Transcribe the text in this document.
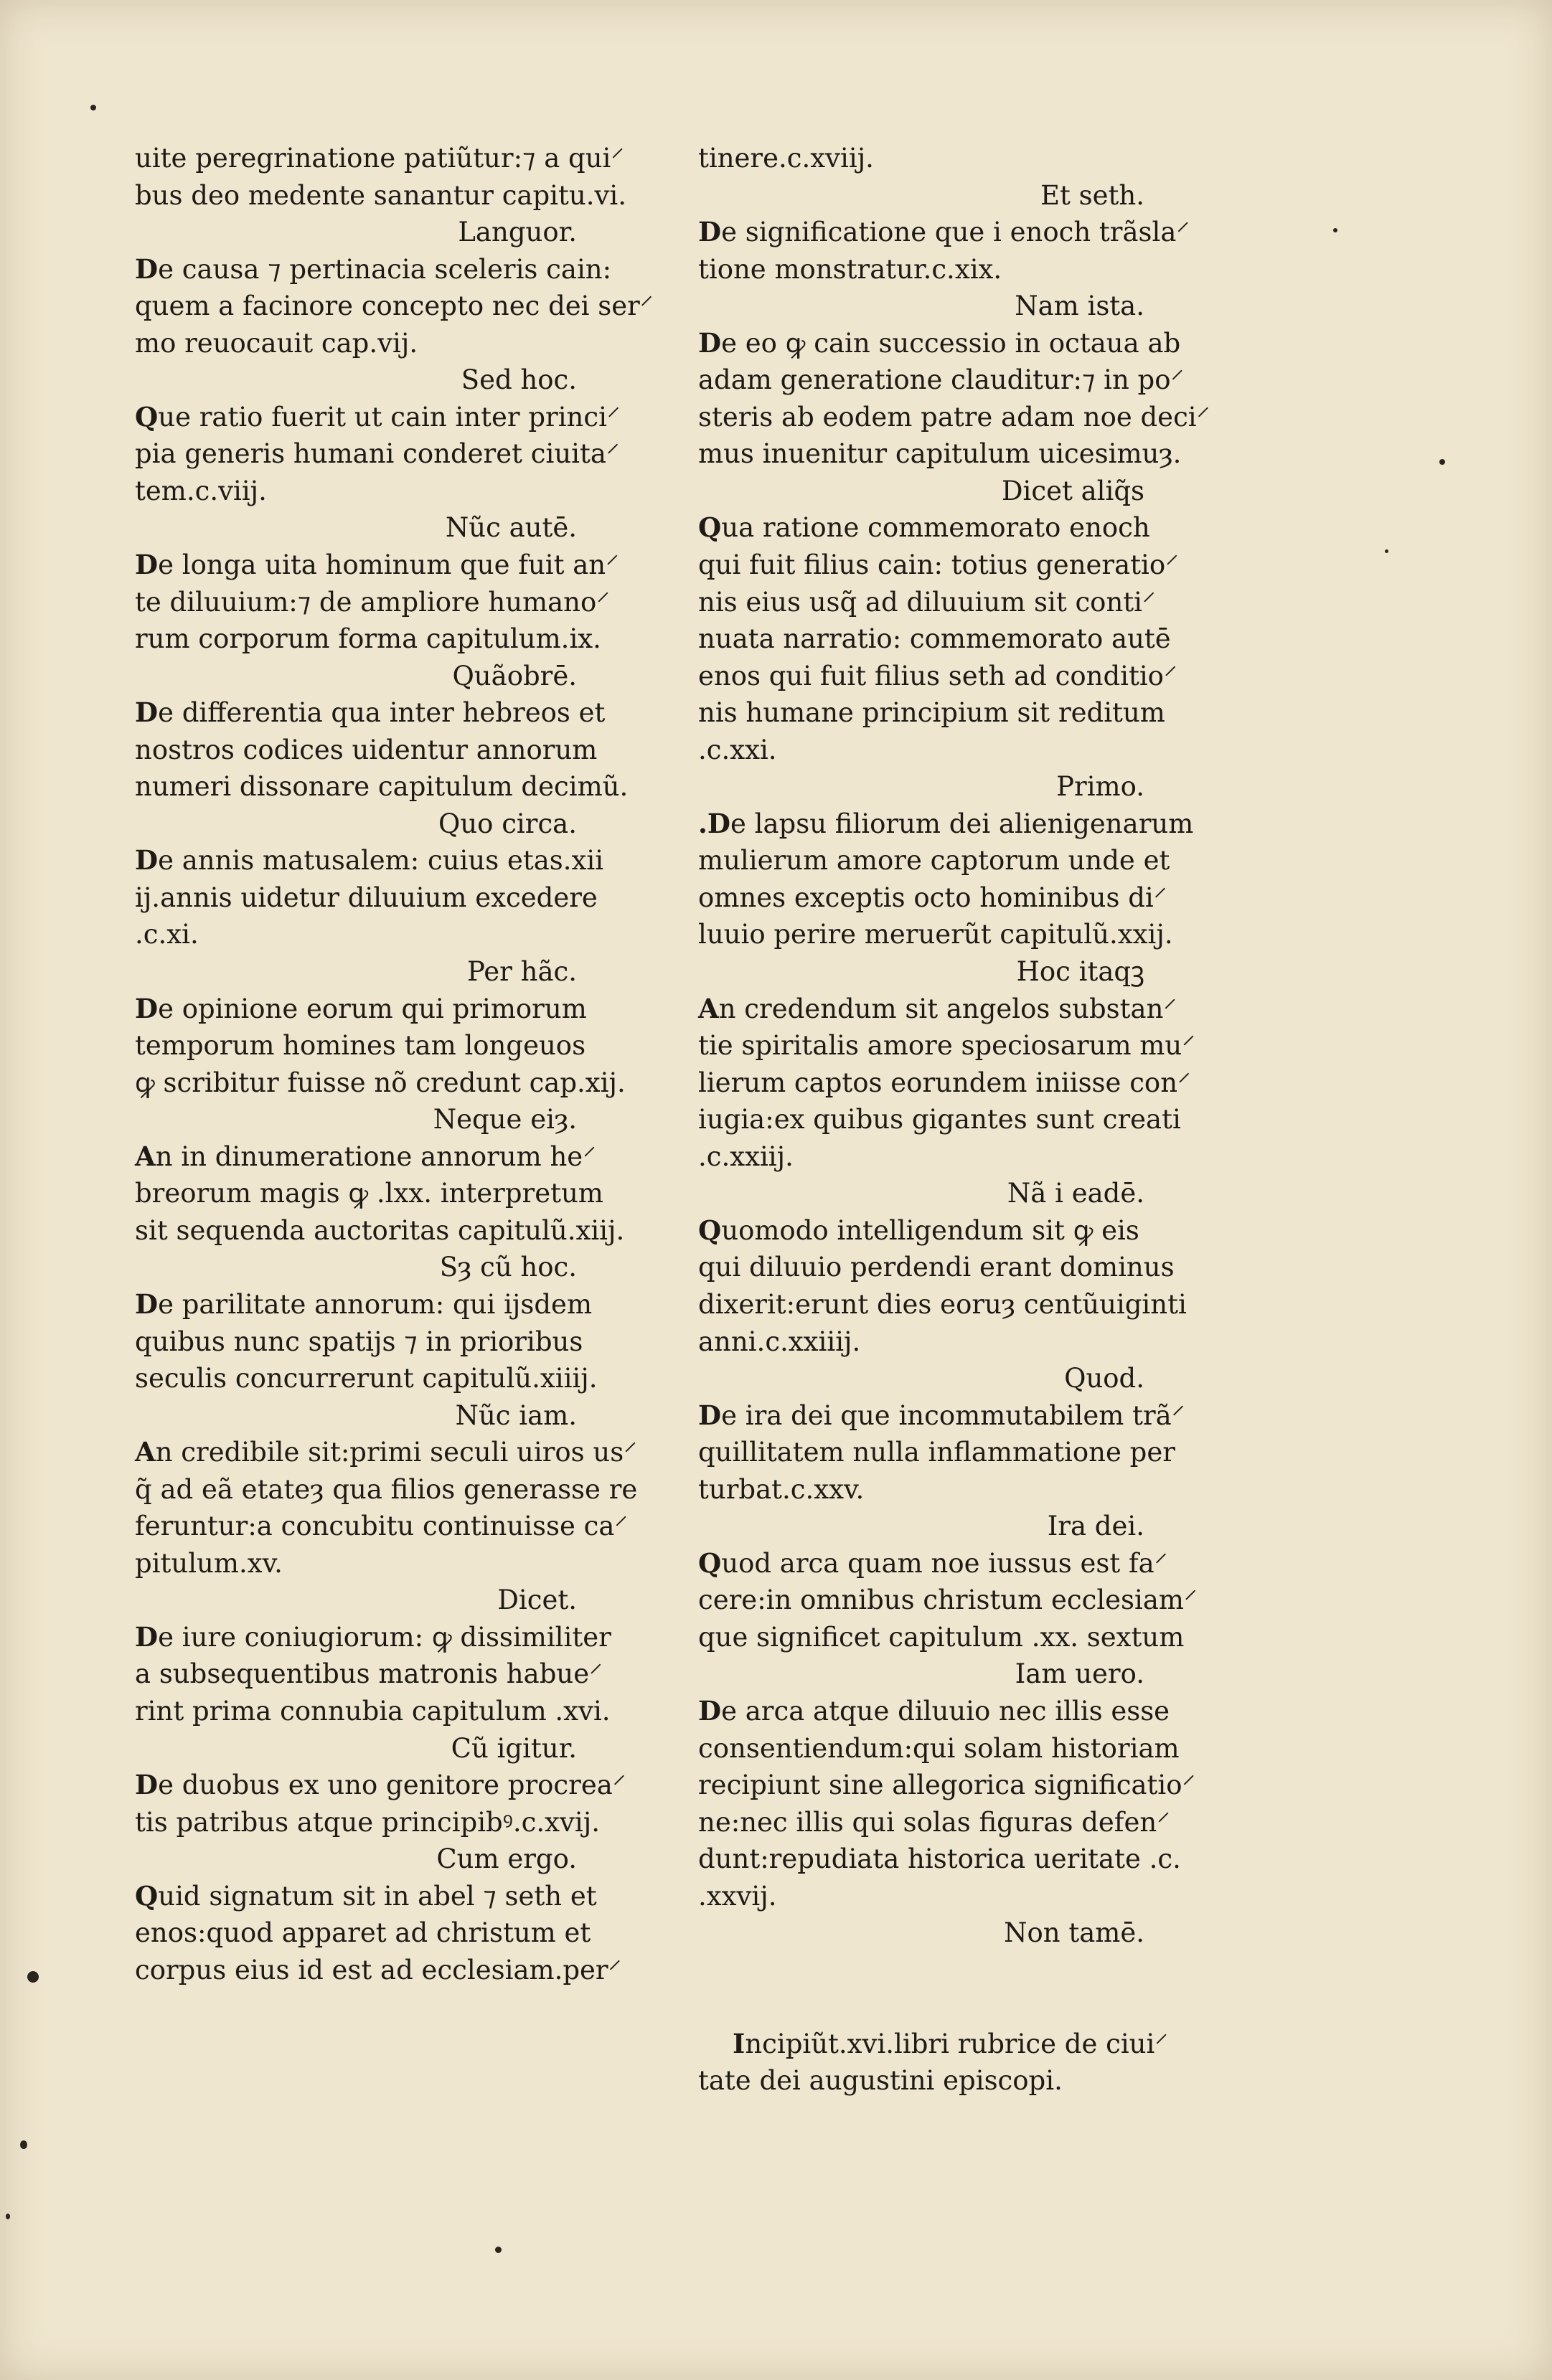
uite peregrinatione patiũtur:⁊ a qui⸍
bus deo medente sanantur capitu.vi.
Languor.
De causa ⁊ pertinacia sceleris cain:
quem a facinore concepto nec dei ser⸍
mo reuocauit cap.vij.
Sed hoc.
Que ratio fuerit ut cain inter princi⸍
pia generis humani conderet ciuita⸍
tem.c.viij.
Nũc autē.
De longa uita hominum que fuit an⸍
te diluuium:⁊ de ampliore humano⸍
rum corporum forma capitulum.ix.
Quãobrē.
De differentia qua inter hebreos et
nostros codices uidentur annorum
numeri dissonare capitulum decimũ.
Quo circa.
De annis matusalem: cuius etas.xii
ij.annis uidetur diluuium excedere
.c.xi.
Per hãc.
De opinione eorum qui primorum
temporum homines tam longeuos
ꝙ scribitur fuisse nõ credunt cap.xij.
Neque eiȝ.
An in dinumeratione annorum he⸍
breorum magis ꝙ .lxx. interpretum
sit sequenda auctoritas capitulũ.xiij.
Sȝ cũ hoc.
De parilitate annorum: qui ijsdem
quibus nunc spatijs ⁊ in prioribus
seculis concurrerunt capitulũ.xiiij.
Nũc iam.
An credibile sit:primi seculi uiros us⸍
q̃ ad eã etateȝ qua filios generasse re
feruntur:a concubitu continuisse ca⸍
pitulum.xv.
Dicet.
De iure coniugiorum: ꝙ dissimiliter
a subsequentibus matronis habue⸍
rint prima connubia capitulum .xvi.
Cũ igitur.
De duobus ex uno genitore procrea⸍
tis patribus atque principibꝰ.c.xvij.
Cum ergo.
Quid signatum sit in abel ⁊ seth et
enos:quod apparet ad christum et
corpus eius id est ad ecclesiam.per⸍
tinere.c.xviij.
Et seth.
De significatione que i enoch trãsla⸍
tione monstratur.c.xix.
Nam ista.
De eo ꝙ cain successio in octaua ab
adam generatione clauditur:⁊ in po⸍
steris ab eodem patre adam noe deci⸍
mus inuenitur capitulum uicesimuȝ.
Dicet aliq̃s
Qua ratione commemorato enoch
qui fuit filius cain: totius generatio⸍
nis eius usq̃ ad diluuium sit conti⸍
nuata narratio: commemorato autē
enos qui fuit filius seth ad conditio⸍
nis humane principium sit reditum
.c.xxi.
Primo.
.De lapsu filiorum dei alienigenarum
mulierum amore captorum unde et
omnes exceptis octo hominibus di⸍
luuio perire meruerũt capitulũ.xxij.
Hoc itaqꝫ
An credendum sit angelos substan⸍
tie spiritalis amore speciosarum mu⸍
lierum captos eorundem iniisse con⸍
iugia:ex quibus gigantes sunt creati
.c.xxiij.
Nã i eadē.
Quomodo intelligendum sit ꝙ eis
qui diluuio perdendi erant dominus
dixerit:erunt dies eoruȝ centũuiginti
anni.c.xxiiij.
Quod.
De ira dei que incommutabilem trã⸍
quillitatem nulla inflammatione per
turbat.c.xxv.
Ira dei.
Quod arca quam noe iussus est fa⸍
cere:in omnibus christum ecclesiam⸍
que significet capitulum .xx. sextum
Iam uero.
De arca atque diluuio nec illis esse
consentiendum:qui solam historiam
recipiunt sine allegorica significatio⸍
ne:nec illis qui solas figuras defen⸍
dunt:repudiata historica ueritate .c.
.xxvij.
Non tamē.
Incipiũt.xvi.libri rubrice de ciui⸍
tate dei augustini episcopi.
